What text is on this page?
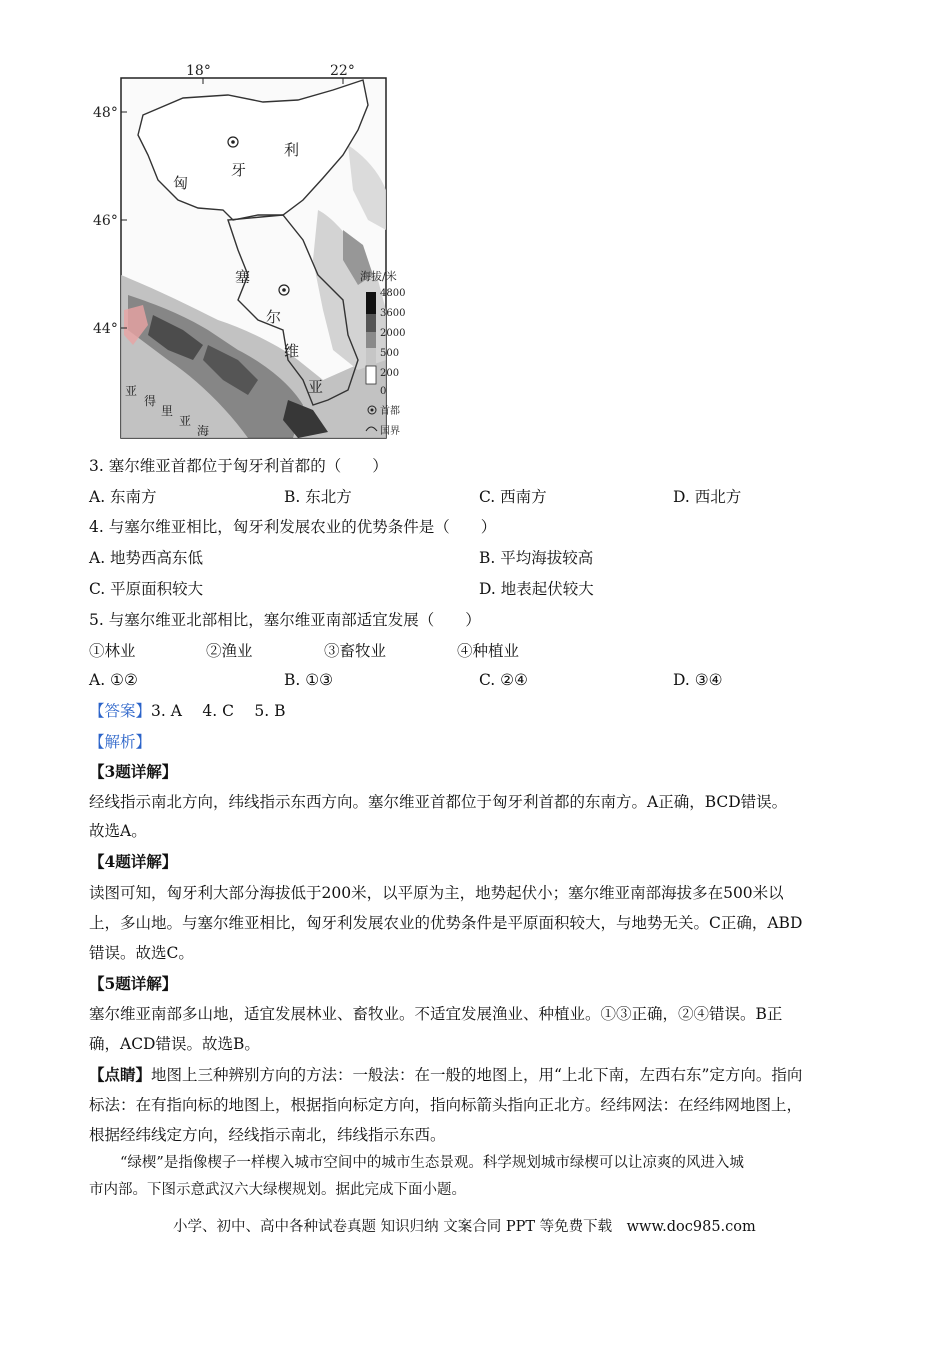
18°	22°
48°
46°
44°
匈
牙
利
塞
尔
维
亚
亚
得
里
亚
海
海拔/米
4800
3600
2000
500
200
0
首都
国界
3. 塞尔维亚首都位于匈牙利首都的（　　）
A. 东南方	B. 东北方	C. 西南方	D. 西北方
4. 与塞尔维亚相比，匈牙利发展农业的优势条件是（　　）
A. 地势西高东低	B. 平均海拔较高
C. 平原面积较大	D. 地表起伏较大
5. 与塞尔维亚北部相比，塞尔维亚南部适宜发展（　　）
①林业	②渔业	③畜牧业	④种植业
A. ①②	B. ①③	C. ②④	D. ③④
【答案】3. A　 4. C　 5. B
【解析】
【3题详解】
经线指示南北方向，纬线指示东西方向。塞尔维亚首都位于匈牙利首都的东南方。A正确，BCD错误。
故选A。
【4题详解】
读图可知，匈牙利大部分海拔低于200米，以平原为主，地势起伏小；塞尔维亚南部海拔多在500米以
上，多山地。与塞尔维亚相比，匈牙利发展农业的优势条件是平原面积较大，与地势无关。C正确，ABD
错误。故选C。
【5题详解】
塞尔维亚南部多山地，适宜发展林业、畜牧业。不适宜发展渔业、种植业。①③正确，②④错误。B正
确，ACD错误。故选B。
【点睛】地图上三种辨别方向的方法：一般法：在一般的地图上，用“上北下南，左西右东”定方向。指向
标法：在有指向标的地图上，根据指向标定方向，指向标箭头指向正北方。经纬网法：在经纬网地图上，
根据经纬线定方向，经线指示南北，纬线指示东西。
“绿楔”是指像楔子一样楔入城市空间中的城市生态景观。科学规划城市绿楔可以让凉爽的风进入城
市内部。下图示意武汉六大绿楔规划。据此完成下面小题。
小学、初中、高中各种试卷真题 知识归纳 文案合同 PPT 等免费下载　www.doc985.com
